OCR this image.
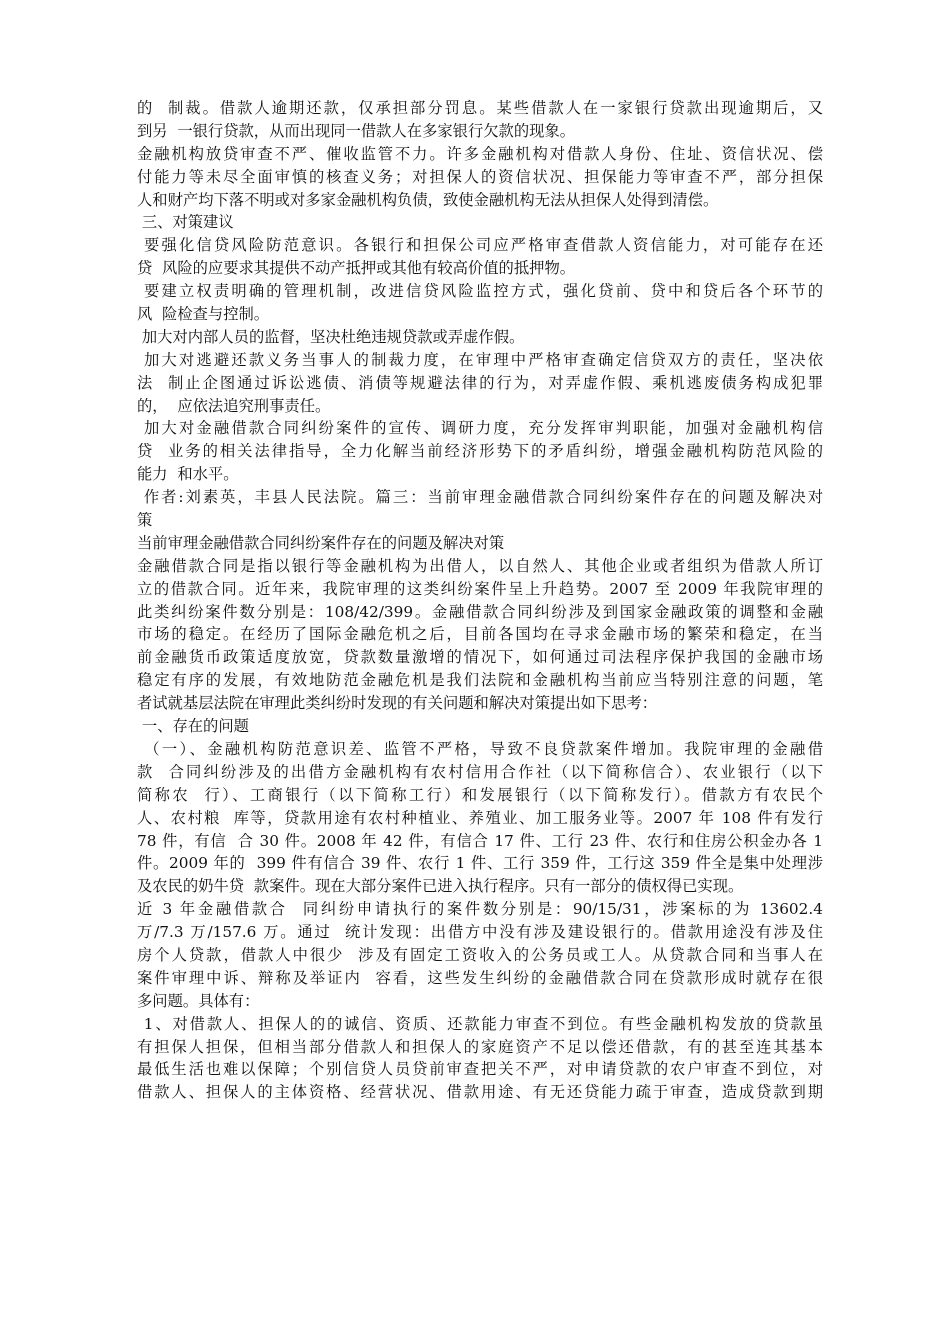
的  制裁。借款人逾期还款，仅承担部分罚息。某些借款人在一家银行贷款出现逾期后，又
到另  一银行贷款，从而出现同一借款人在多家银行欠款的现象。
金融机构放贷审查不严、催收监管不力。许多金融机构对借款人身份、住址、资信状况、偿
付能力等未尽全面审慎的核查义务；对担保人的资信状况、担保能力等审查不严，部分担保
人和财产均下落不明或对多家金融机构负债，致使金融机构无法从担保人处得到清偿。
三、对策建议
要强化信贷风险防范意识。各银行和担保公司应严格审查借款人资信能力，对可能存在还
贷  风险的应要求其提供不动产抵押或其他有较高价值的抵押物。
要建立权责明确的管理机制，改进信贷风险监控方式，强化贷前、贷中和贷后各个环节的
风  险检查与控制。
加大对内部人员的监督，坚决杜绝违规贷款或弄虚作假。
加大对逃避还款义务当事人的制裁力度，在审理中严格审查确定信贷双方的责任，坚决依
法  制止企图通过诉讼逃债、消债等规避法律的行为，对弄虚作假、乘机逃废债务构成犯罪
的，  应依法追究刑事责任。
加大对金融借款合同纠纷案件的宣传、调研力度，充分发挥审判职能，加强对金融机构信
贷  业务的相关法律指导，全力化解当前经济形势下的矛盾纠纷，增强金融机构防范风险的
能力  和水平。
作者:刘素英，丰县人民法院。篇三：当前审理金融借款合同纠纷案件存在的问题及解决对
策
当前审理金融借款合同纠纷案件存在的问题及解决对策
金融借款合同是指以银行等金融机构为出借人，以自然人、其他企业或者组织为借款人所订
立的借款合同。近年来，我院审理的这类纠纷案件呈上升趋势。2007 至 2009 年我院审理的
此类纠纷案件数分别是：108/42/399。金融借款合同纠纷涉及到国家金融政策的调整和金融
市场的稳定。在经历了国际金融危机之后，目前各国均在寻求金融市场的繁荣和稳定，在当
前金融货币政策适度放宽，贷款数量激增的情况下，如何通过司法程序保护我国的金融市场
稳定有序的发展，有效地防范金融危机是我们法院和金融机构当前应当特别注意的问题，笔
者试就基层法院在审理此类纠纷时发现的有关问题和解决对策提出如下思考：
一、存在的问题
（一）、金融机构防范意识差、监管不严格，导致不良贷款案件增加。我院审理的金融借
款  合同纠纷涉及的出借方金融机构有农村信用合作社（以下简称信合）、农业银行（以下
简称农  行）、工商银行（以下简称工行）和发展银行（以下简称发行）。借款方有农民个
人、农村粮  库等，贷款用途有农村种植业、养殖业、加工服务业等。2007 年 108 件有发行
78 件，有信  合 30 件。2008 年 42 件，有信合 17 件、工行 23 件、农行和住房公积金办各 1
件。2009 年的  399 件有信合 39 件、农行 1 件、工行 359 件，工行这 359 件全是集中处理涉
及农民的奶牛贷  款案件。现在大部分案件已进入执行程序。只有一部分的债权得已实现。
近 3 年金融借款合  同纠纷申请执行的案件数分别是：90/15/31，涉案标的为 13602.4
万/7.3 万/157.6 万。通过  统计发现：出借方中没有涉及建设银行的。借款用途没有涉及住
房个人贷款，借款人中很少  涉及有固定工资收入的公务员或工人。从贷款合同和当事人在
案件审理中诉、辩称及举证内  容看，这些发生纠纷的金融借款合同在贷款形成时就存在很
多问题。具体有：
1、对借款人、担保人的的诚信、资质、还款能力审查不到位。有些金融机构发放的贷款虽
有担保人担保，但相当部分借款人和担保人的家庭资产不足以偿还借款，有的甚至连其基本
最低生活也难以保障；个别信贷人员贷前审查把关不严，对申请贷款的农户审查不到位，对
借款人、担保人的主体资格、经营状况、借款用途、有无还贷能力疏于审查，造成贷款到期
